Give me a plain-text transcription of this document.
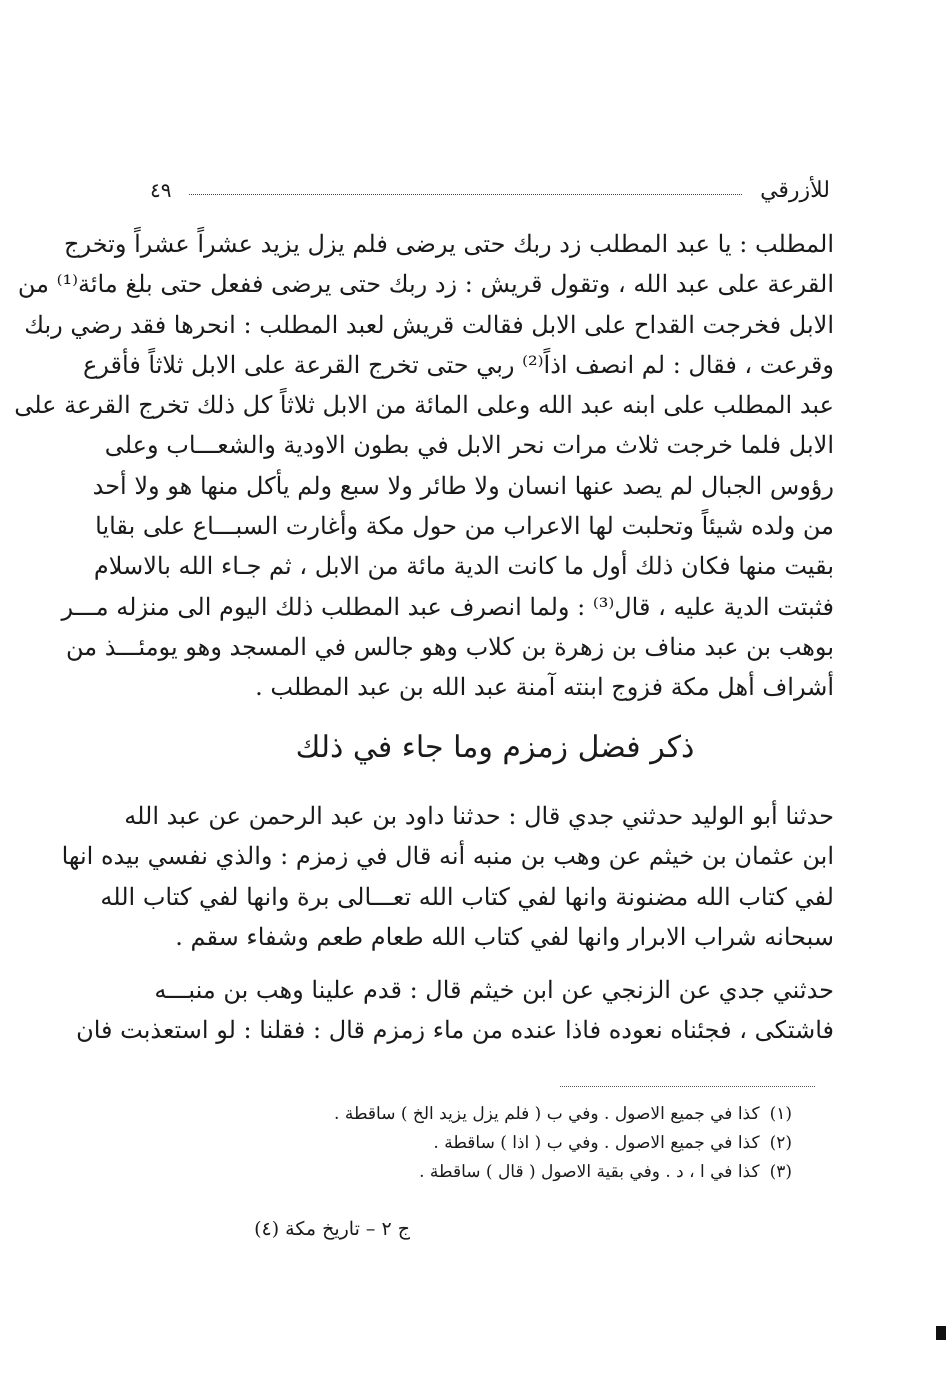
للأزرقي
٤٩
المطلب : يا عبد المطلب زد ربك حتى يرضى فلم يزل يزيد عشراً عشراً وتخرج
القرعة على عبد الله ، وتقول قريش : زد ربك حتى يرضى ففعل حتى بلغ مائة⁽¹⁾ من
الابل فخرجت القداح على الابل فقالت قريش لعبد المطلب : انحرها فقد رضي ربك
وقرعت ، فقال : لم انصف اذاً⁽²⁾ ربي حتى تخرج القرعة على الابل ثلاثاً فأقرع
عبد المطلب على ابنه عبد الله وعلى المائة من الابل ثلاثاً كل ذلك تخرج القرعة على
الابل فلما خرجت ثلاث مرات نحر الابل في بطون الاودية والشعـــاب وعلى
رؤوس الجبال لم يصد عنها انسان ولا طائر ولا سبع ولم يأكل منها هو ولا أحد
من ولده شيئاً وتحلبت لها الاعراب من حول مكة وأغارت السبـــاع على بقايا
بقيت منها فكان ذلك أول ما كانت الدية مائة من الابل ، ثم جـاء الله بالاسلام
فثبتت الدية عليه ، قال⁽³⁾ : ولما انصرف عبد المطلب ذلك اليوم الى منزله مـــر
بوهب بن عبد مناف بن زهرة بن كلاب وهو جالس في المسجد وهو يومئـــذ من
أشراف أهل مكة فزوج ابنته آمنة عبد الله بن عبد المطلب .
ذكر فضل زمزم وما جاء في ذلك
حدثنا أبو الوليد حدثني جدي قال : حدثنا داود بن عبد الرحمن عن عبد الله
ابن عثمان بن خيثم عن وهب بن منبه أنه قال في زمزم : والذي نفسي بيده انها
لفي كتاب الله مضنونة وانها لفي كتاب الله تعـــالى برة وانها لفي كتاب الله
سبحانه شراب الابرار وانها لفي كتاب الله طعام طعم وشفاء سقم .
حدثني جدي عن الزنجي عن ابن خيثم قال : قدم علينا وهب بن منبـــه
فاشتكى ، فجئناه نعوده فاذا عنده من ماء زمزم قال : فقلنا : لو استعذبت فان
(١)كذا في جميع الاصول . وفي ب ( فلم يزل يزيد الخ ) ساقطة .
(٢)كذا في جميع الاصول . وفي ب ( اذا ) ساقطة .
(٣)كذا في ا ، د . وفي بقية الاصول ( قال ) ساقطة .
ج ٢ – تاريخ مكة (٤)
